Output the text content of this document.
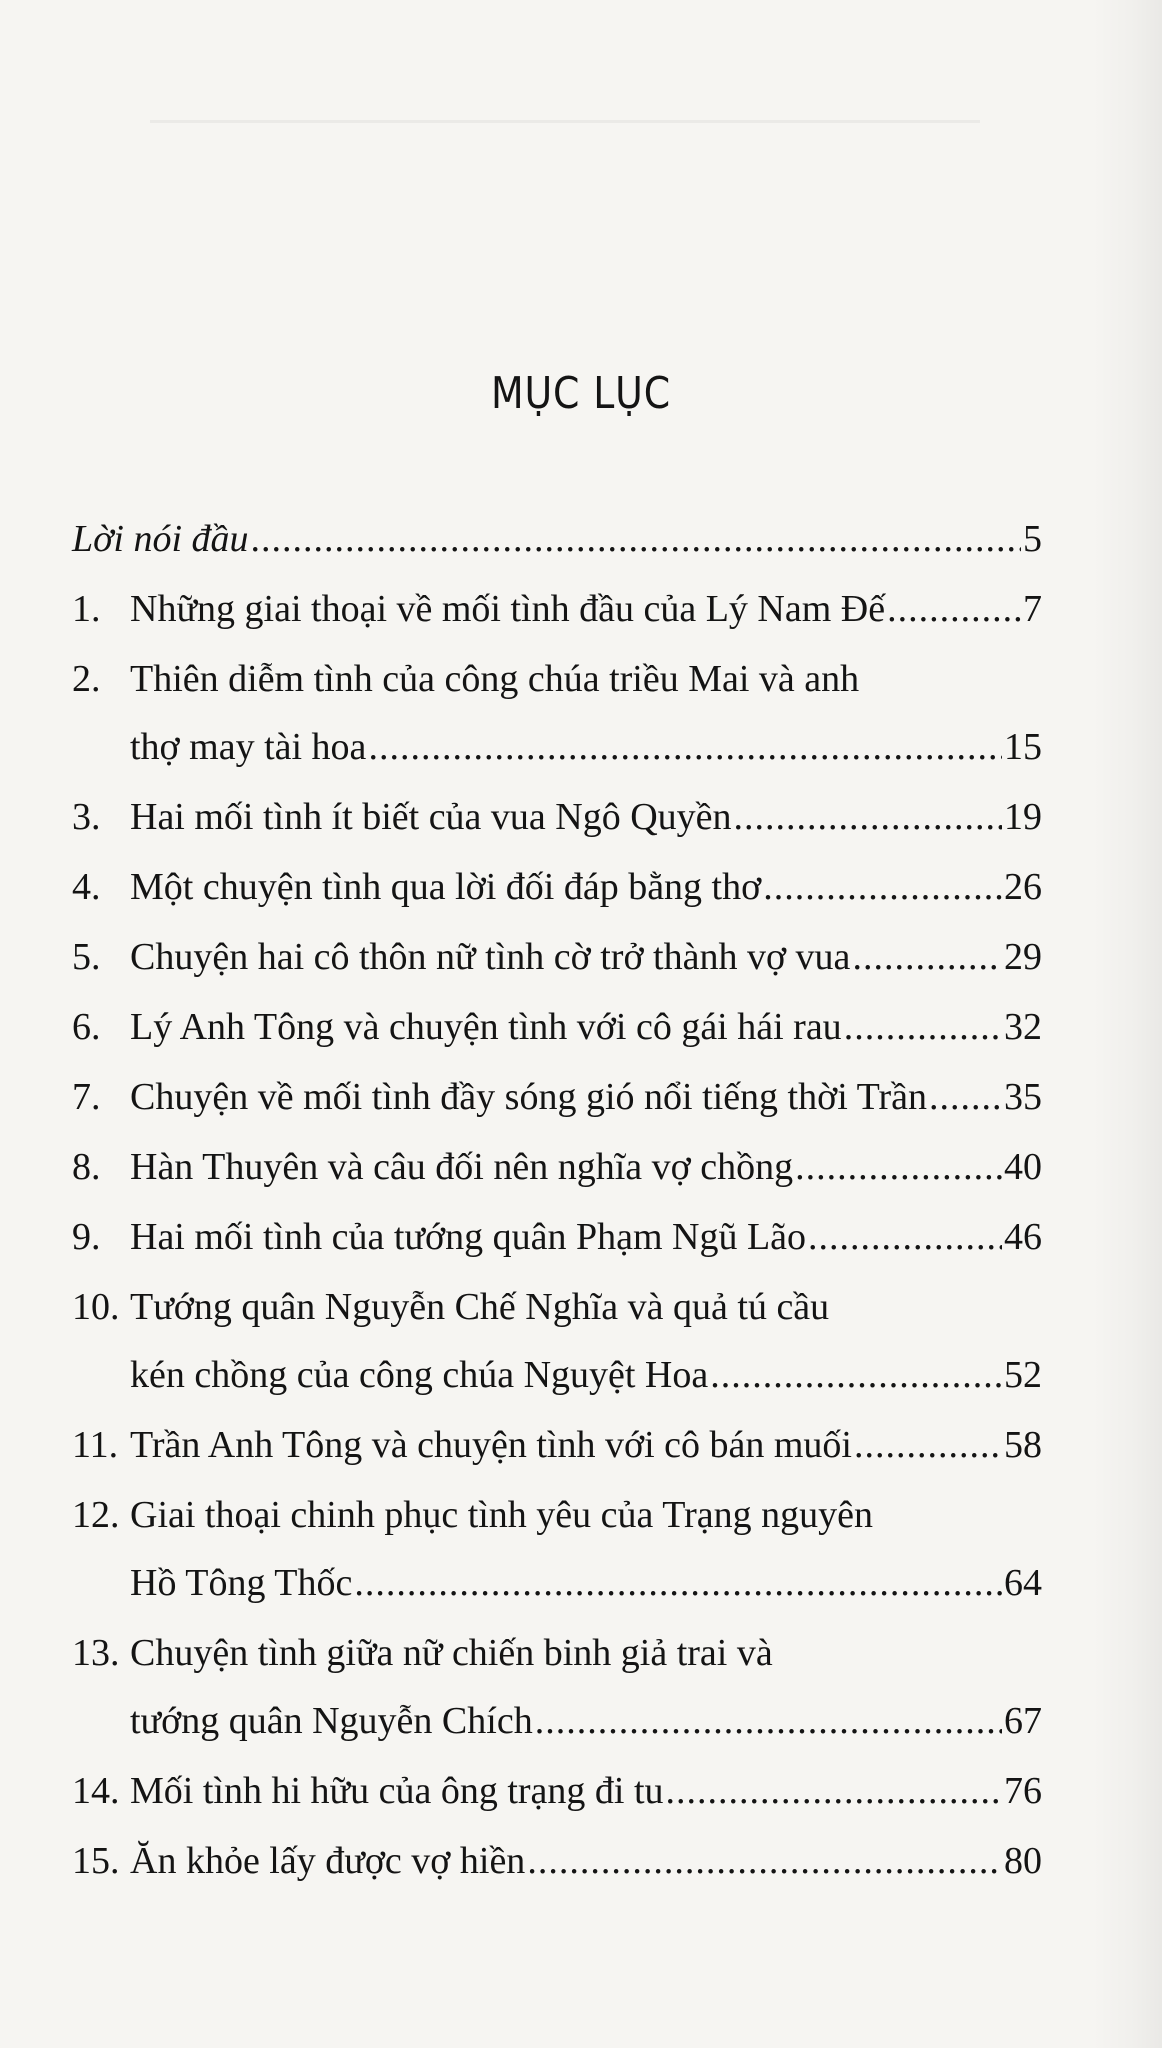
MỤC LỤC
Lời nói đầu .....	5
1. Những giai thoại về mối tình đầu của Lý Nam Đế .....	7
2. Thiên diễm tình của công chúa triều Mai và anh
thợ may tài hoa .....	15
3. Hai mối tình ít biết của vua Ngô Quyền .....	19
4. Một chuyện tình qua lời đối đáp bằng thơ .....	26
5. Chuyện hai cô thôn nữ tình cờ trở thành vợ vua .....	29
6. Lý Anh Tông và chuyện tình với cô gái hái rau .....	32
7. Chuyện về mối tình đầy sóng gió nổi tiếng thời Trần ..... 35
8. Hàn Thuyên và câu đối nên nghĩa vợ chồng .....	40
9. Hai mối tình của tướng quân Phạm Ngũ Lão .....	46
10. Tướng quân Nguyễn Chế Nghĩa và quả tú cầu
kén chồng của công chúa Nguyệt Hoa .....	52
11. Trần Anh Tông và chuyện tình với cô bán muối .....	58
12. Giai thoại chinh phục tình yêu của Trạng nguyên
Hồ Tông Thốc .....	64
13. Chuyện tình giữa nữ chiến binh giả trai và
tướng quân Nguyễn Chích .....	67
14. Mối tình hi hữu của ông trạng đi tu .....	76
15. Ăn khỏe lấy được vợ hiền .....	80
